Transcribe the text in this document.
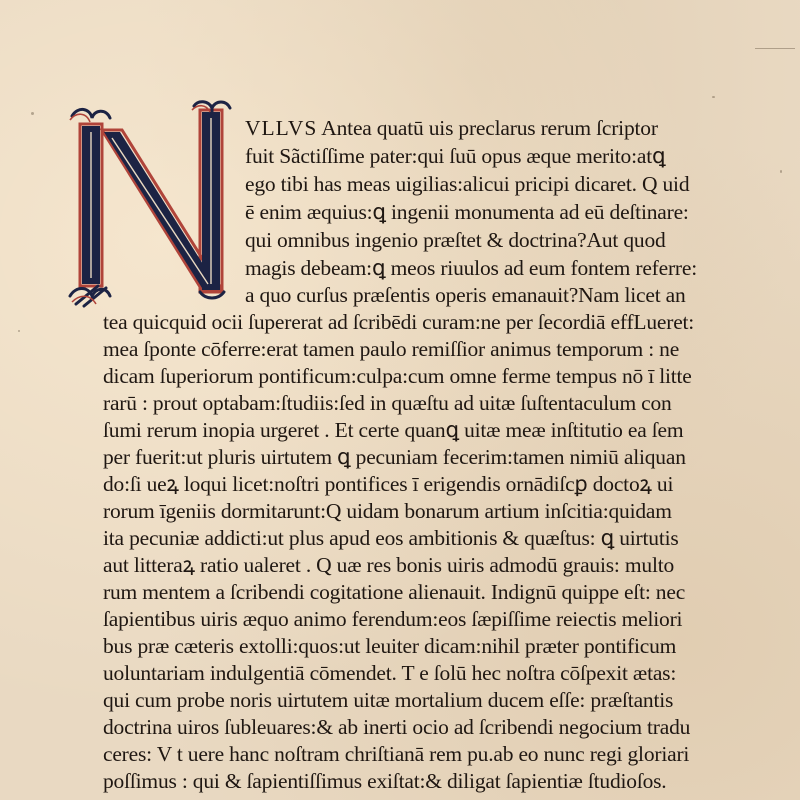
VLLVS Antea quatū uis preclarus rerum ſcriptor
fuit Sãctiſſime pater:qui ſuū opus æque merito:atꝗ
ego tibi has meas uigilias:alicui pricipi dicaret. Q uid
ē enim æquius:ꝗ ingenii monumenta ad eū deſtinare:
qui omnibus ingenio præſtet & doctrina?Aut quod
magis debeam:ꝗ meos riuulos ad eum fontem referre:
a quo curſus præſentis operis emanauit?Nam licet an
tea quicquid ocii ſupererat ad ſcribēdi curam:ne per ſecordiā effLueret:
mea ſponte cōferre:erat tamen paulo remiſſior animus temporum : ne
dicam ſuperiorum pontificum:culpa:cum omne ferme tempus nō ī litte
rarū : prout optabam:ſtudiis:ſed in quæſtu ad uitæ ſuſtentaculum con
ſumi rerum inopia urgeret . Et certe quanꝗ uitæ meæ inſtitutio ea ſem
per fuerit:ut pluris uirtutem ꝗ pecuniam fecerim:tamen nimiū aliquan
do:ſi ueꝝ loqui licet:noſtri pontifices ī erigendis ornādiſcꝑ doctoꝝ ui
rorum īgeniis dormitarunt:Q uidam bonarum artium inſcitia:quidam
ita pecuniæ addicti:ut plus apud eos ambitionis & quæſtus: ꝗ uirtutis
aut litteraꝝ ratio ualeret . Q uæ res bonis uiris admodū grauis: multo
rum mentem a ſcribendi cogitatione alienauit. Indignū quippe eſt: nec
ſapientibus uiris æquo animo ferendum:eos ſæpiſſime reiectis meliori
bus præ cæteris extolli:quos:ut leuiter dicam:nihil præter pontificum
uoluntariam indulgentiā cōmendet. T e ſolū hec noſtra cōſpexit ætas:
qui cum probe noris uirtutem uitæ mortalium ducem eſſe: præſtantis
doctrina uiros ſubleuares:& ab inerti ocio ad ſcribendi negocium tradu
ceres: V t uere hanc noſtram chriſtianā rem pu.ab eo nunc regi gloriari
poſſimus : qui & ſapientiſſimus exiſtat:& diligat ſapientiæ ſtudioſos.
